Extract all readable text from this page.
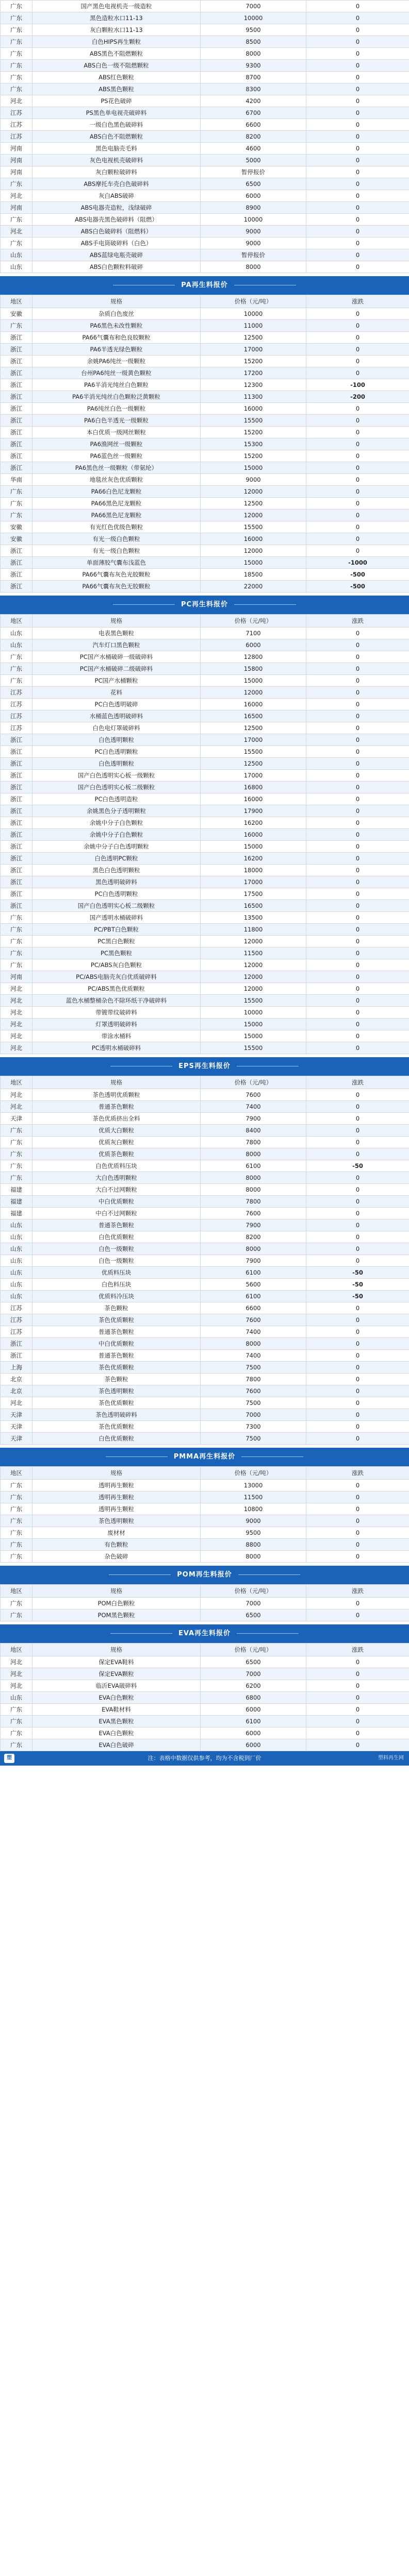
广东	国产黑色电视机壳一级造粒	7000	0
广东	黑色造粒水口11-13	10000	0
广东	灰白颗粒水口11-13	9500	0
广东	白色HIPS再生颗粒	8500	0
广东	ABS黑色不阻燃颗粒	8000	0
广东	ABS白色一级不阻燃颗粒	9300	0
广东	ABS红色颗粒	8700	0
广东	ABS黑色颗粒	8300	0
河北	PS花色破碎	4200	0
江苏	PS黑色单电视壳破碎料	6700	0
江苏	一级白色黑色破碎料	6600	0
江苏	ABS白色不阻燃颗粒	8200	0
河南	黑色电脑壳毛料	4600	0
河南	灰色电视机壳破碎料	5000	0
河南	灰白颗粒破碎料	暂停报价	0
广东	ABS摩托车壳白色破碎料	6500	0
河北	灰白ABS破碎	6000	0
河南	ABS电器壳造粒，浅绿破碎	8900	0
广东	ABS电器壳黑色破碎料（阻燃）	10000	0
河北	ABS白色破碎料（阻燃料）	9000	0
广东	ABS手电筒破碎料（白色）	9000	0
山东	ABS蓝绿电瓶壳破碎	暂停报价	0
山东	ABS白色颗粒料破碎	8000	0
PA再生料报价
地区	规格	价格（元/吨）	涨跌
安徽	杂质白色废丝	10000	0
广东	PA6黑色未改性颗粒	11000	0
浙江	PA66气囊布和色良胶颗粒	12500	0
浙江	PA6半透光绿色颗粒	17000	0
浙江	余姚PA6纯丝一级颗粒	15200	0
浙江	台州PA6纯丝一级黄色颗粒	17200	0
浙江	PA6半消光纯丝白色颗粒	12300	-100
浙江	PA6半消光纯丝白色颗粒泛黄颗粒	11300	-200
浙江	PA6纯丝白色一级颗粒	16000	0
浙江	PA6白色半透光一级颗粒	15500	0
浙江	本白优质一级网丝颗粒	15200	0
浙江	PA6渔网丝一级颗粒	15300	0
浙江	PA6蓝色丝一级颗粒	15200	0
浙江	PA6黑色丝一级颗粒（带氨纶）	15000	0
华南	地毯丝灰色优质颗粒	9000	0
广东	PA66白色尼龙颗粒	12000	0
广东	PA66黑色尼龙颗粒	12500	0
广东	PA66黑色尼龙颗粒	12000	0
安徽	有光红色优级色颗粒	15500	0
安徽	有光一级白色颗粒	16000	0
浙江	有光一级白色颗粒	12000	0
浙江	单面薄胶气囊布浅蓝色	15000	-1000
浙江	PA66气囊布灰色光胶颗粒	18500	-500
浙江	PA66气囊布灰色无胶颗粒	22000	-500
PC再生料报价
地区	规格	价格（元/吨）	涨跌
山东	电表黑色颗粒	7100	0
山东	汽车灯口黑色颗粒	6000	0
广东	PC国产水桶破碎一级破碎料	12800	0
广东	PC国产水桶破碎二级破碎料	15800	0
广东	PC国产水桶颗粒	15000	0
江苏	花料	12000	0
江苏	PC白色透明破碎	16000	0
江苏	水桶蓝色透明破碎料	16500	0
江苏	白色电灯罩破碎料	12500	0
浙江	白色透明颗粒	17000	0
浙江	PC白色透明颗粒	15500	0
浙江	白色透明颗粒	12500	0
浙江	国产白色透明实心板一级颗粒	17000	0
浙江	国产白色透明实心板二级颗粒	16800	0
浙江	PC白色透明造粒	16000	0
浙江	余姚黑色分子透明颗粒	17900	0
浙江	余姚中分子白色颗粒	16200	0
浙江	余姚中分子白色颗粒	16000	0
浙江	余姚中分子白色透明颗粒	15000	0
浙江	白色透明PC颗粒	16200	0
浙江	黑色白色透明颗粒	18000	0
浙江	黑色透明破碎料	17000	0
浙江	PC白色透明颗粒	17500	0
浙江	国产白色透明实心板二级颗粒	16500	0
广东	国产透明水桶破碎料	13500	0
广东	PC/PBT白色颗粒	11800	0
广东	PC黑白色颗粒	12000	0
广东	PC黑色颗粒	11500	0
广东	PC/ABS灰白色颗粒	12000	0
河南	PC/ABS电脑壳灰白优质破碎料	12000	0
河北	PC/ABS黑色优质颗粒	12000	0
河北	蓝色水桶整桶杂色不除环纸干净破碎料	15500	0
河北	带镀带纹破碎料	10000	0
河北	灯罩透明破碎料	15000	0
河北	带涂水桶料	15000	0
河北	PC透明水桶破碎料	15500	0
EPS再生料报价
地区	规格	价格（元/吨）	涨跌
河北	茶色透明优质颗粒	7600	0
河北	普通茶色颗粒	7400	0
天津	茶色优质挤出全料	7900	0
广东	优质大白颗粒	8400	0
广东	优质灰白颗粒	7800	0
广东	优质茶色颗粒	8000	0
广东	白色优质料压块	6100	-50
广东	大白色透明颗粒	8000	0
福建	大白不过网颗粒	8000	0
福建	中白优质颗粒	7800	0
福建	中白不过网颗粒	7600	0
山东	普通茶色颗粒	7900	0
山东	白色优质颗粒	8200	0
山东	白色一级颗粒	8000	0
山东	白色一级颗粒	7900	0
山东	优质料压块	6100	-50
山东	白色料压块	5600	-50
山东	优质料冷压块	6100	-50
江苏	茶色颗粒	6600	0
江苏	茶色优质颗粒	7600	0
江苏	普通茶色颗粒	7400	0
浙江	中白优质颗粒	8000	0
浙江	普通茶色颗粒	7400	0
上海	茶色优质颗粒	7500	0
北京	茶色颗粒	7800	0
北京	茶色透明颗粒	7600	0
河北	茶色优质颗粒	7500	0
天津	茶色透明破碎料	7000	0
天津	茶色优质颗粒	7300	0
天津	白色优质颗粒	7500	0
PMMA再生料报价
地区	规格	价格（元/吨）	涨跌
广东	透明再生颗粒	13000	0
广东	透明再生颗粒	11500	0
广东	透明再生颗粒	10800	0
广东	茶色透明颗粒	9000	0
广东	废材材	9500	0
广东	有色颗粒	8800	0
广东	杂色破碎	8000	0
POM再生料报价
地区	规格	价格（元/吨）	涨跌
广东	POM白色颗粒	7000	0
广东	POM黑色颗粒	6500	0
EVA再生料报价
地区	规格	价格（元/吨）	涨跌
河北	保定EVA鞋料	6500	0
河北	保定EVA颗粒	7000	0
河北	临沂EVA破碎料	6200	0
山东	EVA白色颗粒	6800	0
广东	EVA鞋材料	6000	0
广东	EVA黑色颗粒	6100	0
广东	EVA白色颗粒	6000	0
广东	EVA白色破碎	6000	0
塑	注：表格中数据仅供参考，均为不含税到厂价	塑料再生网
